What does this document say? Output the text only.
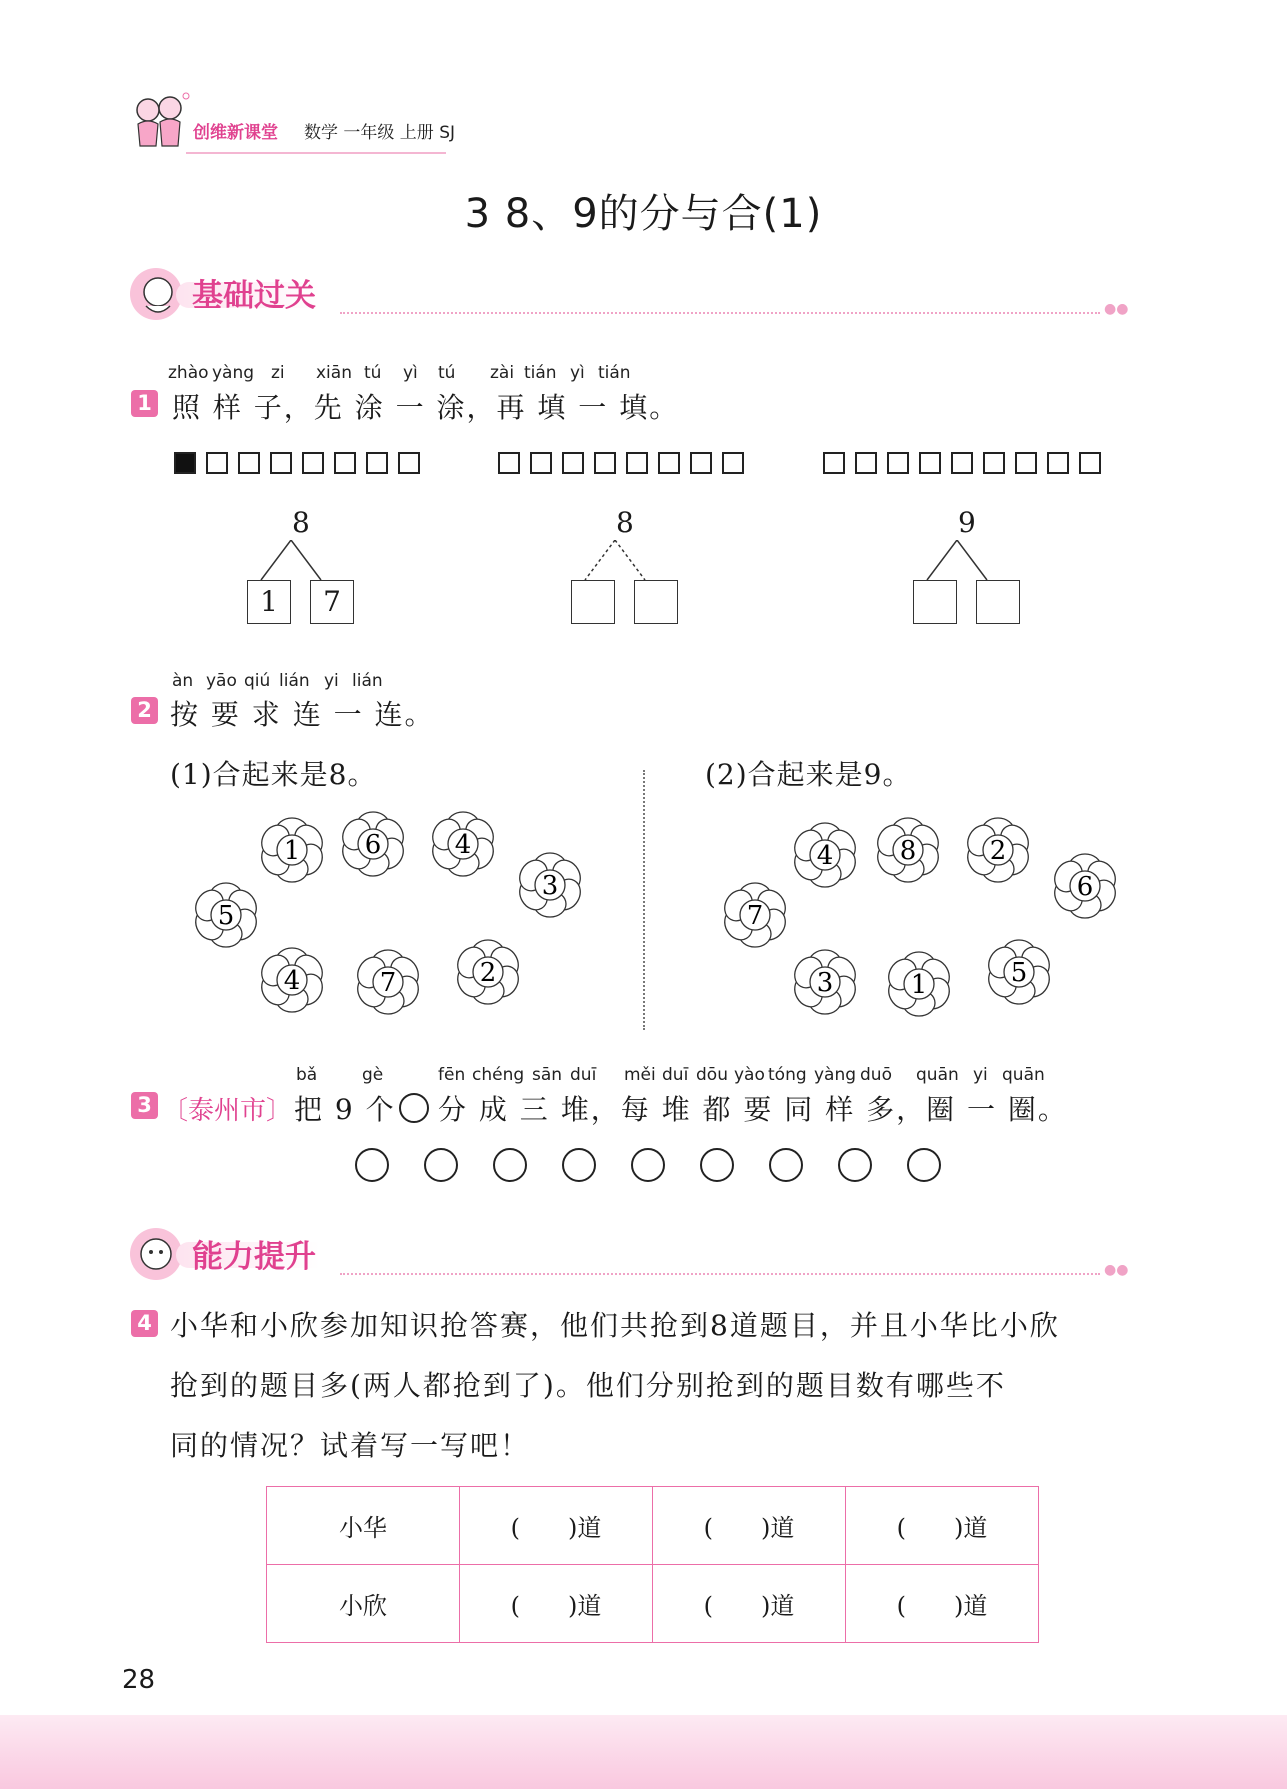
创维新课堂 数学 一年级 上册 SJ
3 8、9的分与合(1)
基础过关	●●
1
zhào yàng zi xiān tú yì tú zài tián yì tián
照 样 子，先 涂 一 涂，再 填 一 填。
8
1	7
8	9
àn yāo qiú lián yi lián
2 按 要 求 连 一 连。
(1)合起来是8。	(2)合起来是9。
1 6	4
3
5
4	7	2
4	8	2
6
7
3	1	5
bǎ	gè	fēn chéng sān duī měi duī dōu yào tóng yàng duō quān yi quān
3 〔泰州市〕 把 9 个 分 成 三 堆，每 堆 都 要 同 样 多，圈 一 圈。
能力提升	●●
4 小华和小欣参加知识抢答赛，他们共抢到8道题目，并且小华比小欣
抢到的题目多(两人都抢到了)。他们分别抢到的题目数有哪些不
同的情况？试着写一写吧！
小华	(　　)道	(　　)道	(　　)道
小欣	(　　)道	(　　)道	(　　)道
28
